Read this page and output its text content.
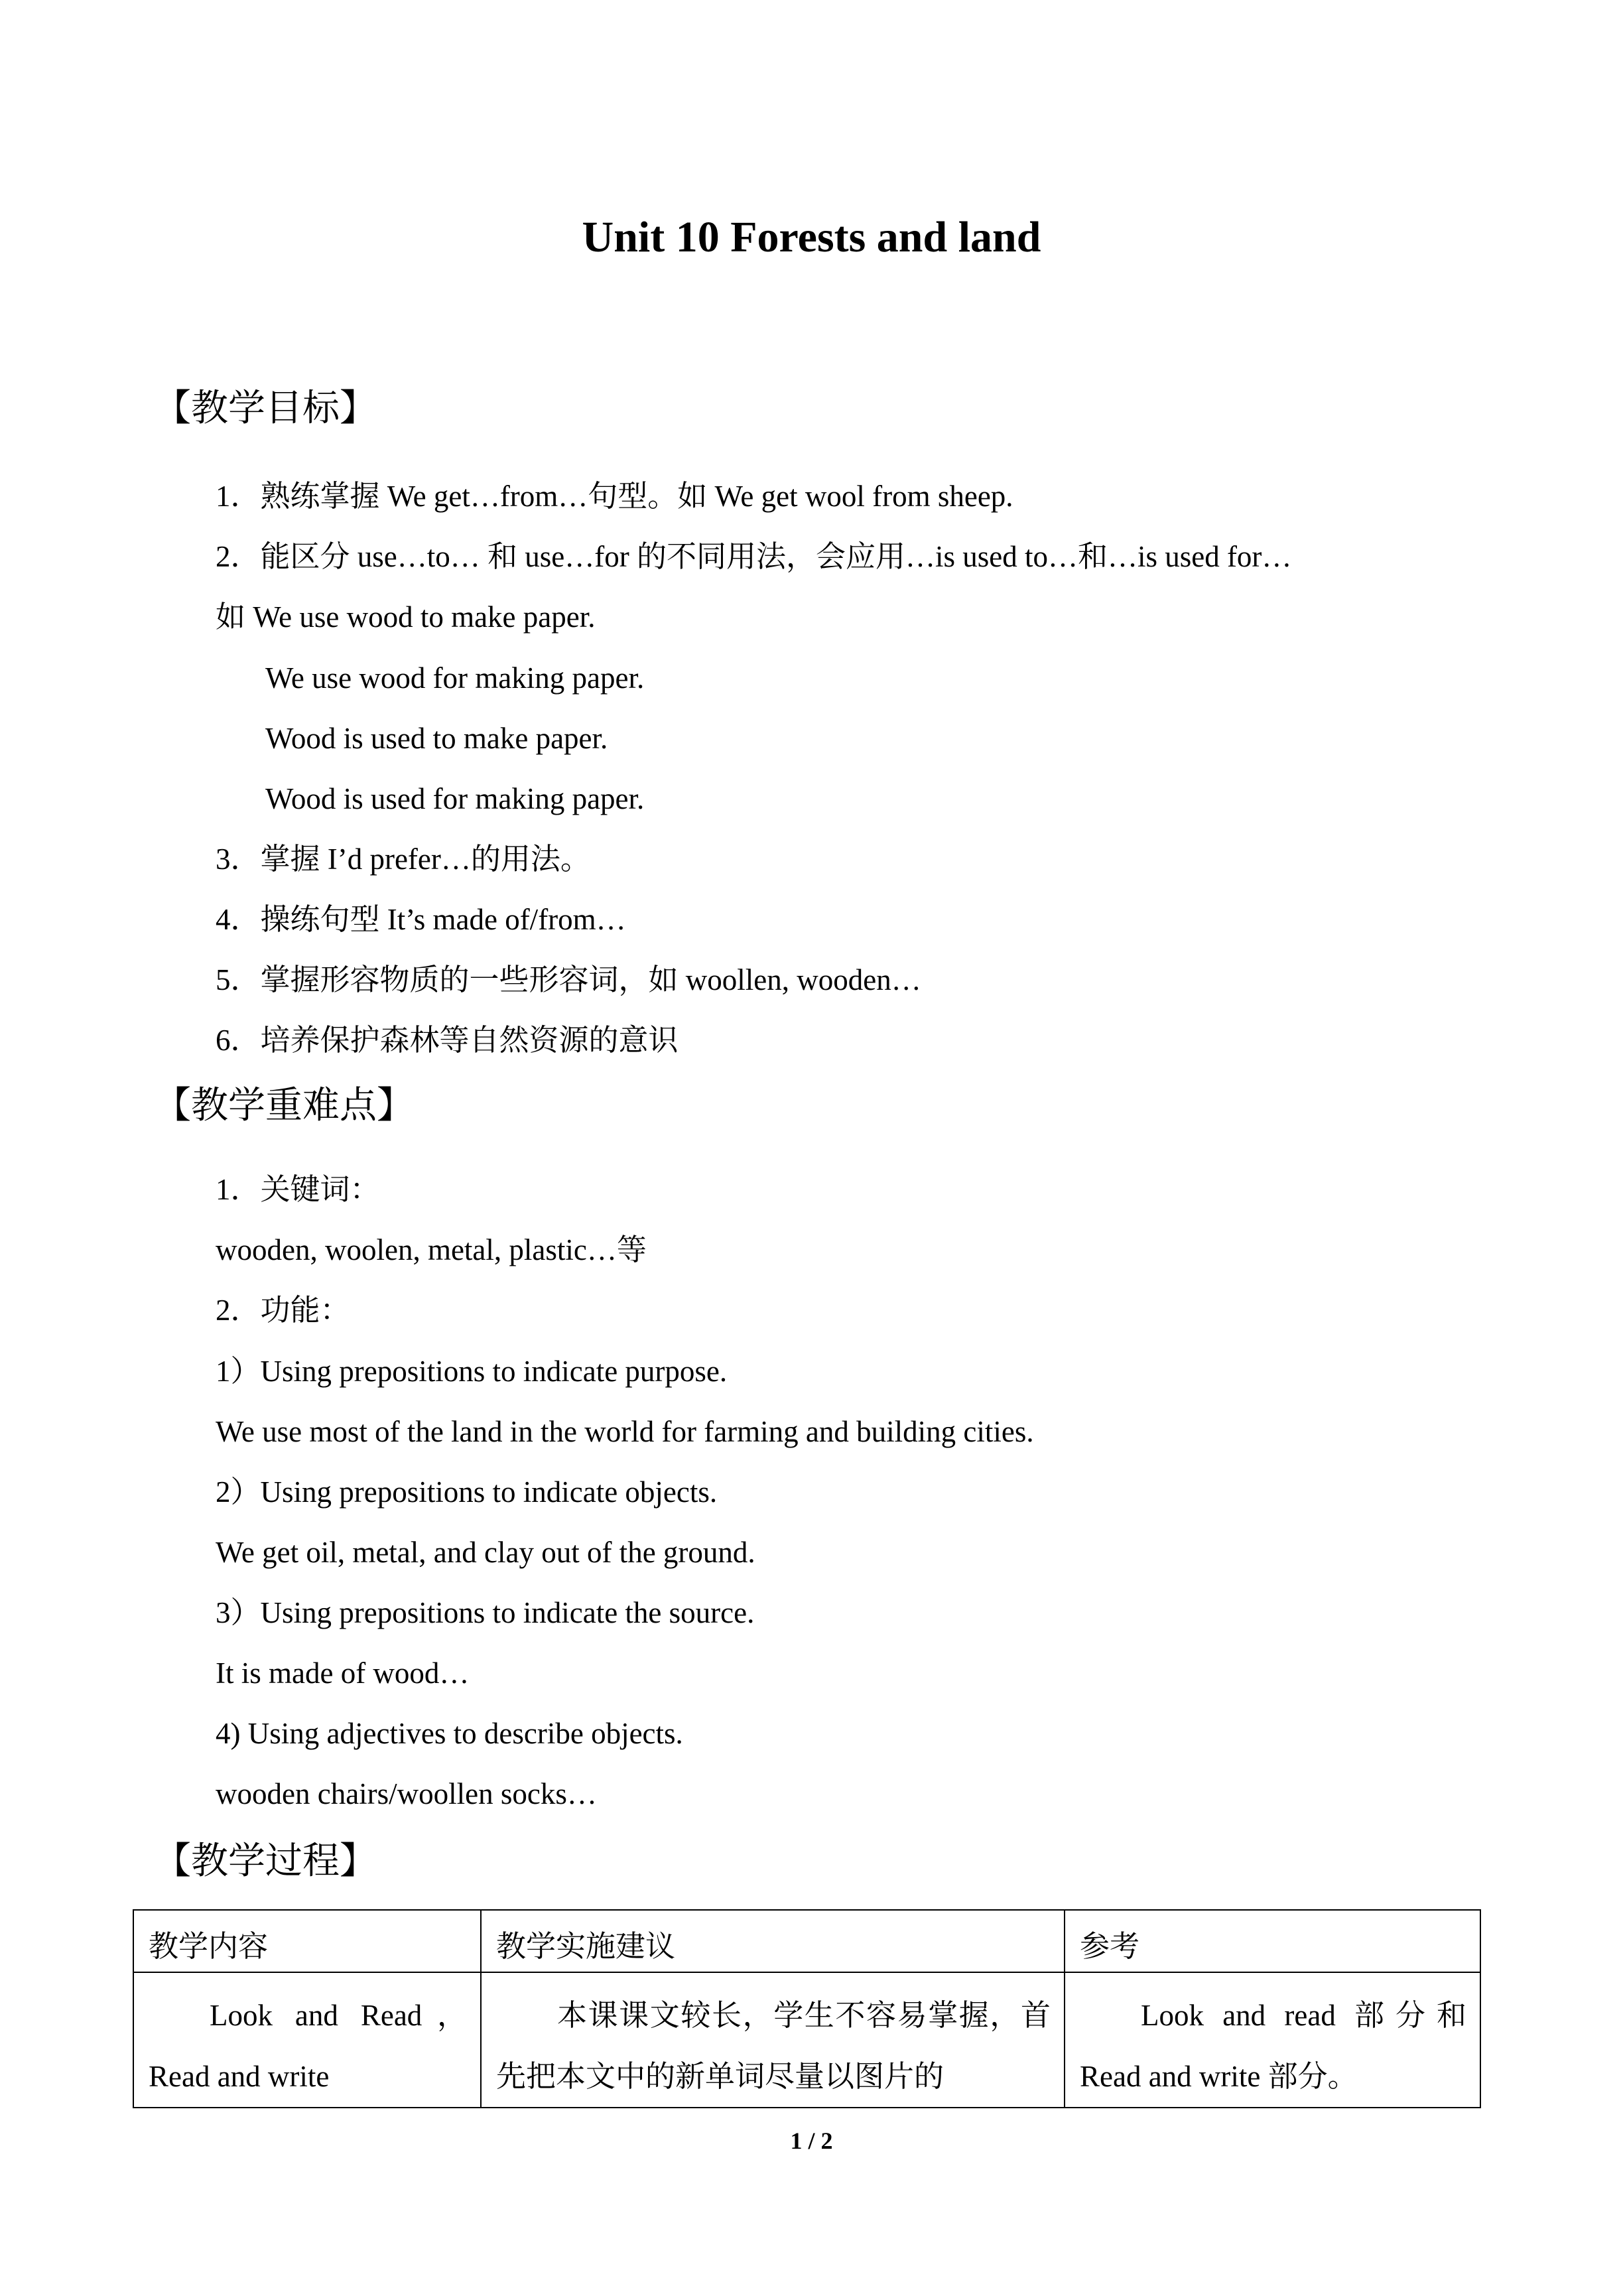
Unit 10 Forests and land
【教学目标】

1．熟练掌握 We get…from…句型。如 We get wool from sheep.

2．能区分 use…to… 和 use…for 的不同用法，会应用…is used to…和…is used for…

如 We use wood to make paper.

We use wood for making paper.

Wood is used to make paper.

Wood is used for making paper.

3．掌握 I’d prefer…的用法。

4．操练句型 It’s made of/from…

5．掌握形容物质的一些形容词，如 woollen, wooden…

6．培养保护森林等自然资源的意识

【教学重难点】

1．关键词：

wooden, woolen, metal, plastic…等

2．功能：

1）Using prepositions to indicate purpose.

We use most of the land in the world for farming and building cities.

2）Using prepositions to indicate objects.

We get oil, metal, and clay out of the ground.

3）Using prepositions to indicate the source.

It is made of wood…

4) Using adjectives to describe objects.

wooden chairs/woollen socks…

【教学过程】
教学内容	教学实施建议	参考

Look and Read，Read and write	本课课文较长，学生不容易掌握，首先把本文中的新单词尽量以图片的	Look and read 部分和Read and write 部分。
1 / 2
